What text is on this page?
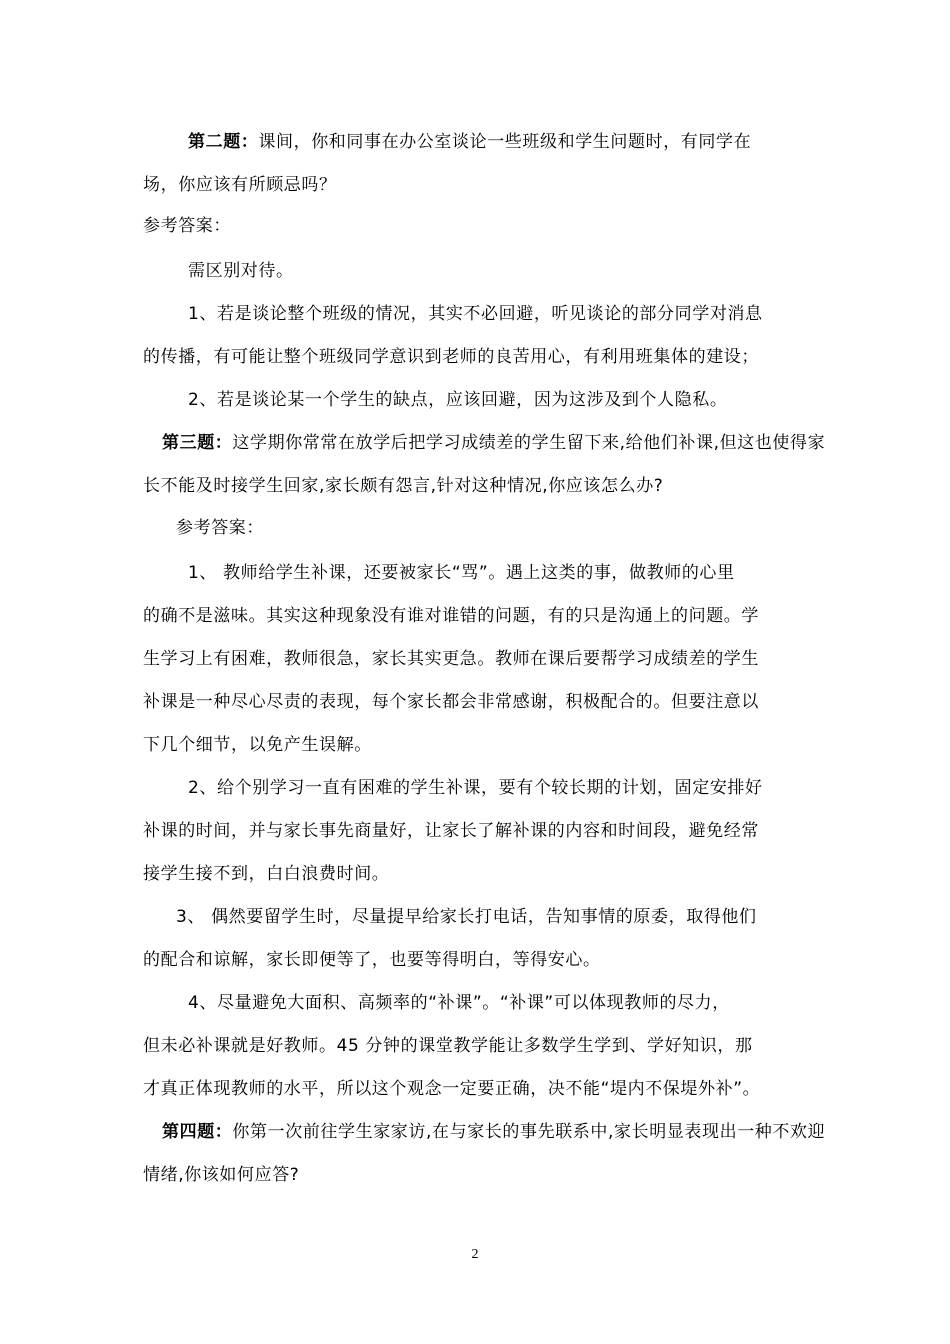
第二题：课间，你和同事在办公室谈论一些班级和学生问题时，有同学在
场，你应该有所顾忌吗？
参考答案：
需区别对待。
1、若是谈论整个班级的情况，其实不必回避，听见谈论的部分同学对消息
的传播，有可能让整个班级同学意识到老师的良苦用心，有利用班集体的建设；
2、若是谈论某一个学生的缺点，应该回避，因为这涉及到个人隐私。
第三题：这学期你常常在放学后把学习成绩差的学生留下来,给他们补课,但这也使得家
长不能及时接学生回家,家长颇有怨言,针对这种情况,你应该怎么办?
参考答案：
1、 教师给学生补课，还要被家长“骂”。遇上这类的事，做教师的心里
的确不是滋味。其实这种现象没有谁对谁错的问题，有的只是沟通上的问题。学
生学习上有困难，教师很急，家长其实更急。教师在课后要帮学习成绩差的学生
补课是一种尽心尽责的表现，每个家长都会非常感谢，积极配合的。但要注意以
下几个细节，以免产生误解。
2、给个别学习一直有困难的学生补课，要有个较长期的计划，固定安排好
补课的时间，并与家长事先商量好，让家长了解补课的内容和时间段，避免经常
接学生接不到，白白浪费时间。
3、 偶然要留学生时，尽量提早给家长打电话，告知事情的原委，取得他们
的配合和谅解，家长即便等了，也要等得明白，等得安心。
4、尽量避免大面积、高频率的“补课”。“补课”可以体现教师的尽力，
但未必补课就是好教师。45 分钟的课堂教学能让多数学生学到、学好知识，那
才真正体现教师的水平，所以这个观念一定要正确，决不能“堤内不保堤外补”。
第四题：你第一次前往学生家家访,在与家长的事先联系中,家长明显表现出一种不欢迎
情绪,你该如何应答?
2
